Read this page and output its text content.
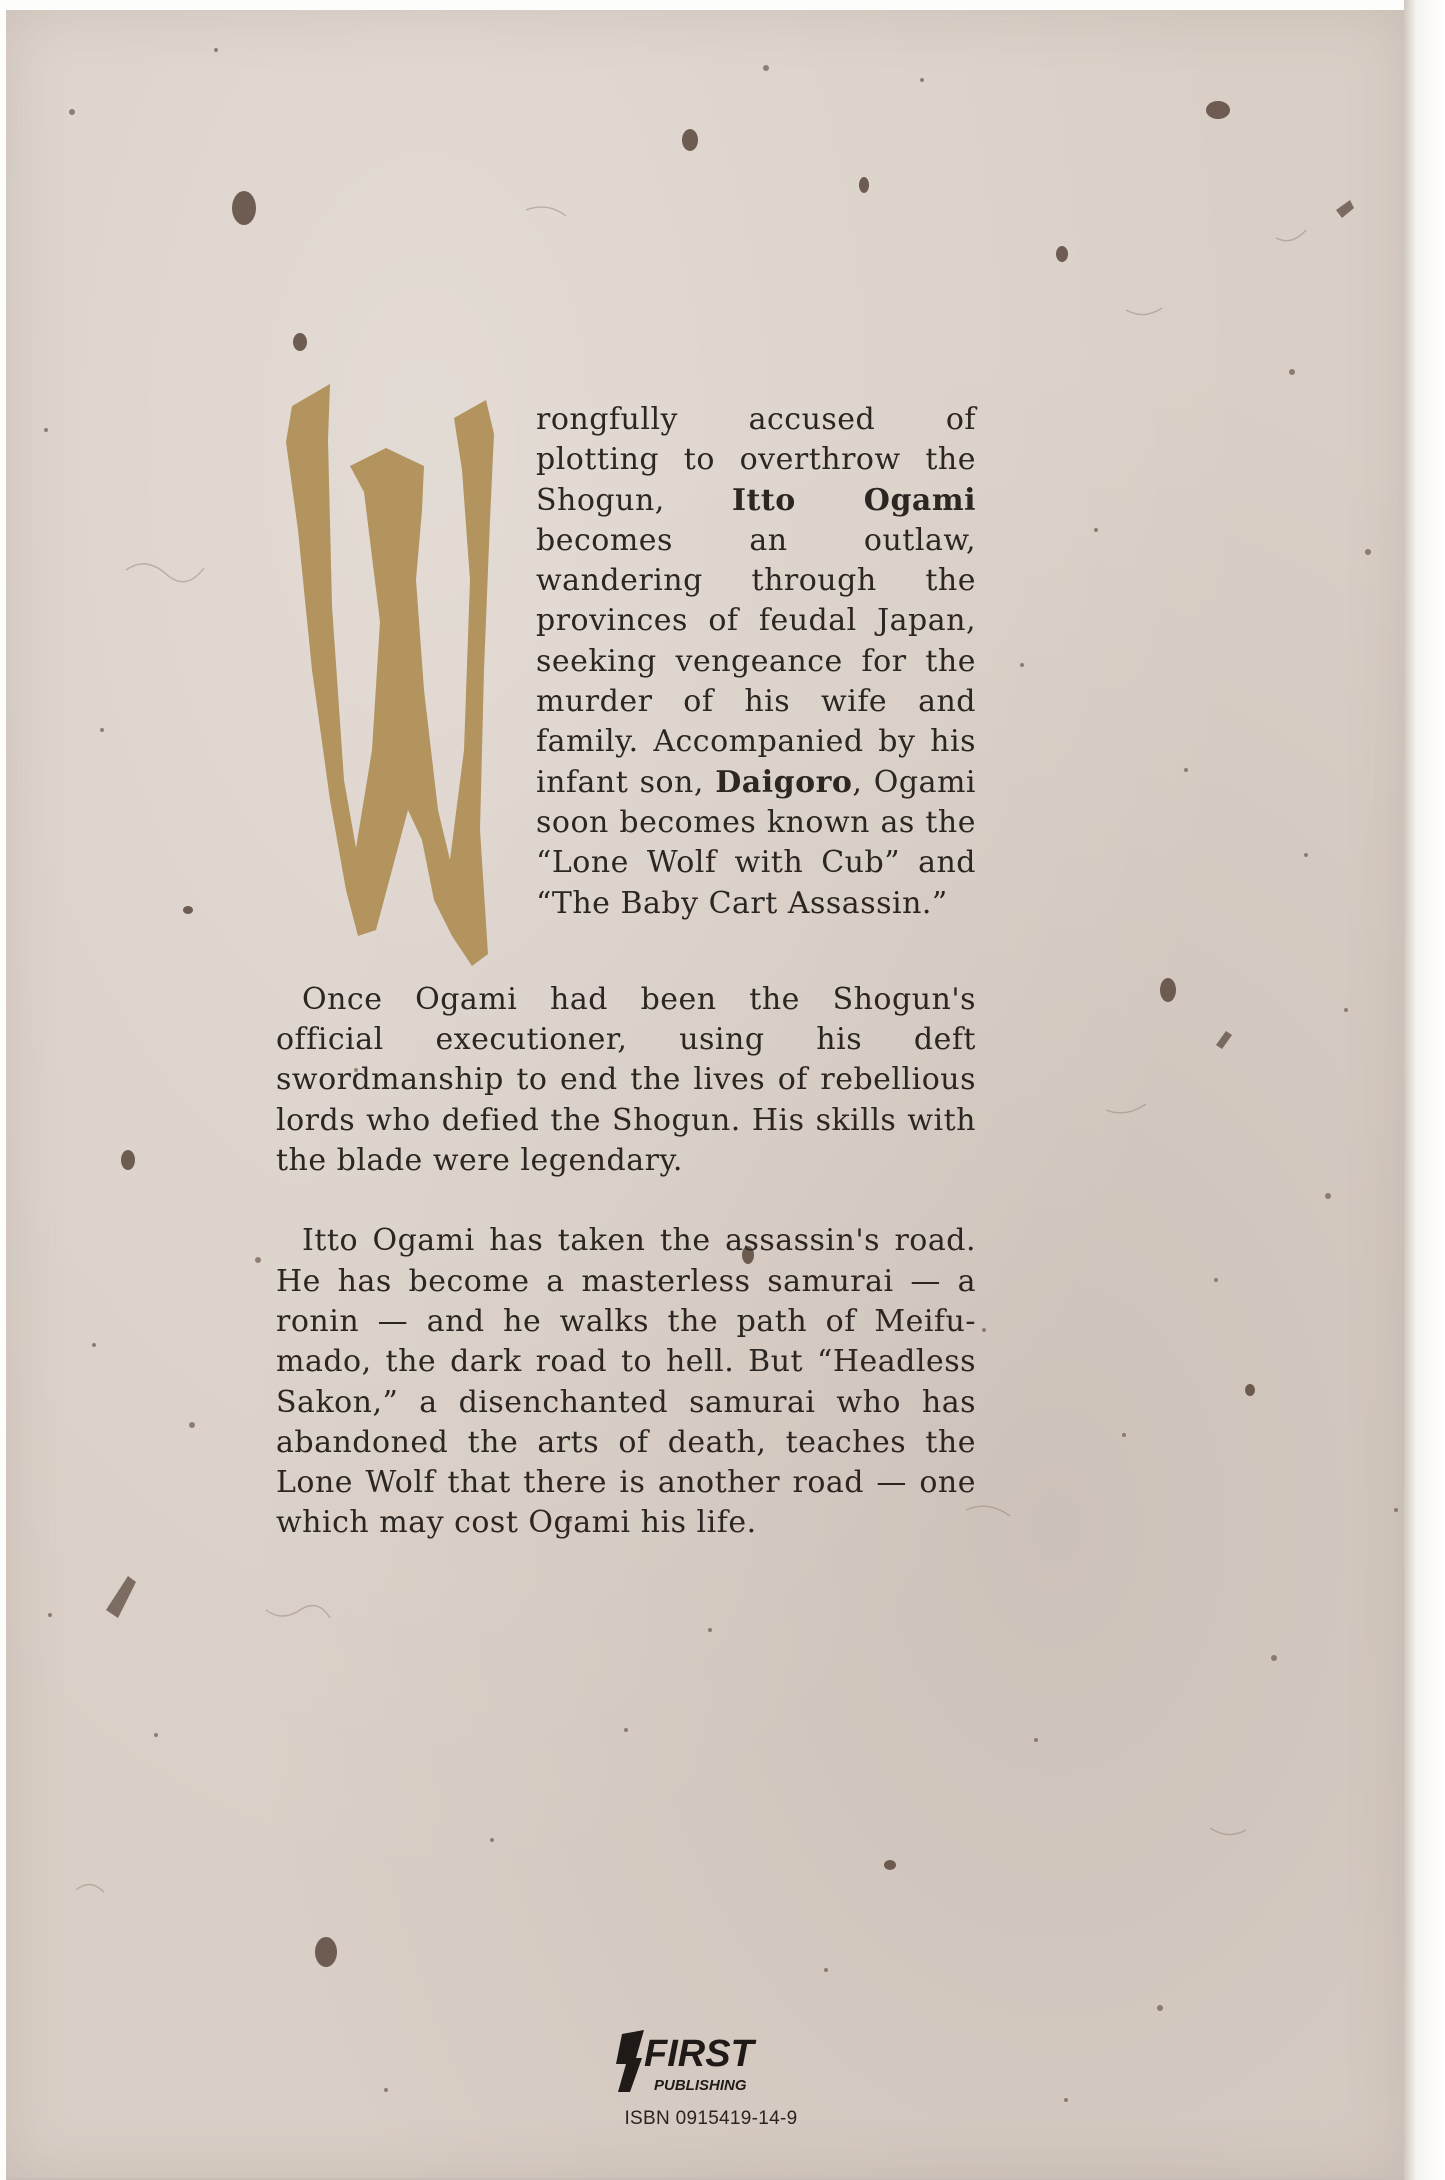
rongfully accused of plotting to overthrow the Shogun, Itto Ogami becomes an outlaw, wandering through the provinces of feudal Japan, seeking vengeance for the murder of his wife and family. Accompanied by his infant son, Daigoro, Ogami soon becomes known as the “Lone Wolf with Cub” and “The Baby Cart Assassin.”

Once Ogami had been the Shogun's official executioner, using his deft swordmanship to end the lives of rebellious lords who defied the Shogun. His skills with the blade were legendary.

Itto Ogami has taken the assassin's road. He has become a masterless samurai — a ronin — and he walks the path of Meifu-mado, the dark road to hell. But “Headless Sakon,” a disenchanted samurai who has abandoned the arts of death, teaches the Lone Wolf that there is another road — one which may cost Ogami his life.

FIRST
PUBLISHING
ISBN 0915419-14-9
